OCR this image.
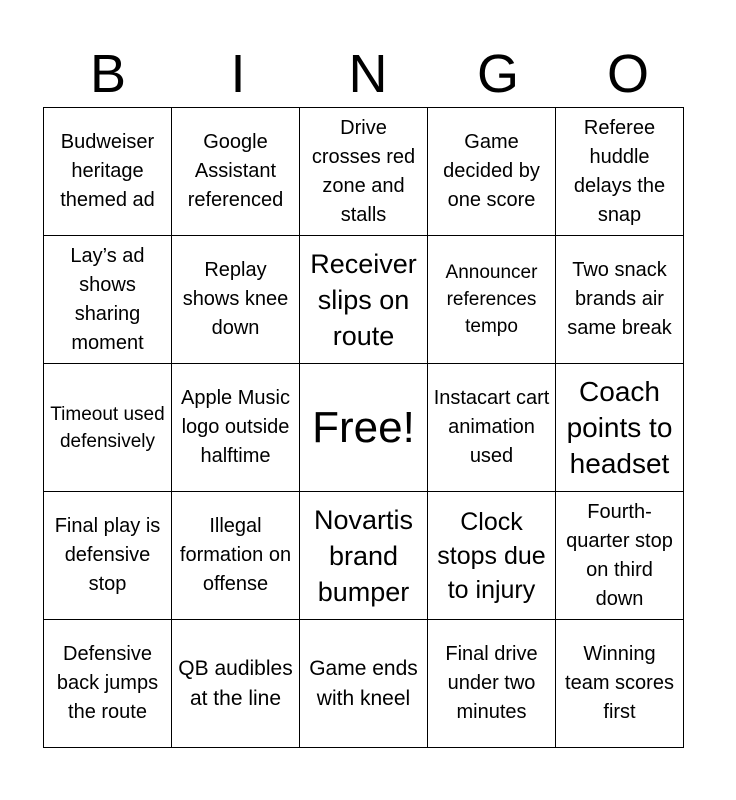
B	I	N	G	O
Budweiser heritage themed ad	Google Assistant referenced	Drive crosses red zone and stalls	Game decided by one score	Referee huddle delays the snap

Lay’s ad shows sharing moment	Replay shows knee down	Receiver slips on route	Announcer references tempo	Two snack brands air same break

Timeout used defensively	Apple Music logo outside halftime	Free!	Instacart cart animation used	Coach points to headset

Final play is defensive stop	Illegal formation on offense	Novartis brand bumper	Clock stops due to injury	Fourth-quarter stop on third down

Defensive back jumps the route	QB audibles at the line	Game ends with kneel	Final drive under two minutes	Winning team scores first
